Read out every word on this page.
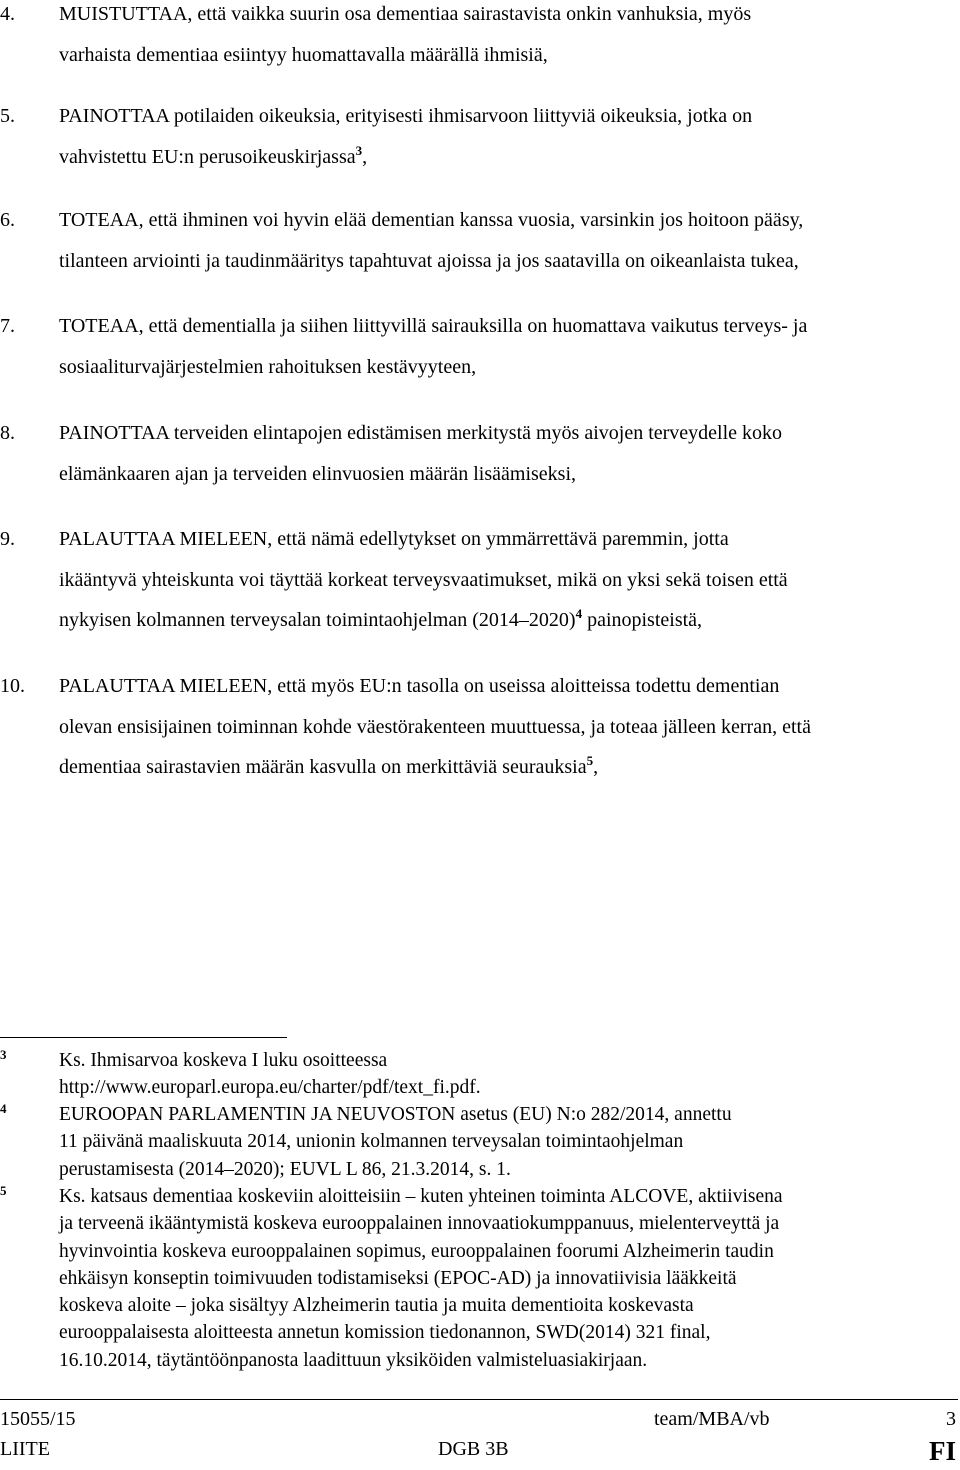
4. MUISTUTTAA, että vaikka suurin osa dementiaa sairastavista onkin vanhuksia, myös
varhaista dementiaa esiintyy huomattavalla määrällä ihmisiä,
5. PAINOTTAA potilaiden oikeuksia, erityisesti ihmisarvoon liittyviä oikeuksia, jotka on
vahvistettu EU:n perusoikeuskirjassa$^3$,
6. TOTEAA, että ihminen voi hyvin elää dementian kanssa vuosia, varsinkin jos hoitoon pääsy,
tilanteen arviointi ja taudinmääritys tapahtuvat ajoissa ja jos saatavilla on oikeanlaista tukea,
7. TOTEAA, että dementialla ja siihen liittyvillä sairauksilla on huomattava vaikutus terveys- ja
sosiaaliturvajärjestelmien rahoituksen kestävyyteen,
8. PAINOTTAA terveiden elintapojen edistämisen merkitystä myös aivojen terveydelle koko
elämänkaaren ajan ja terveiden elinvuosien määrän lisäämiseksi,
9. PALAUTTAA MIELEEN, että nämä edellytykset on ymmärrettävä paremmin, jotta
ikääntyvä yhteiskunta voi täyttää korkeat terveysvaatimukset, mikä on yksi sekä toisen että
nykyisen kolmannen terveysalan toimintaohjelman (2014–2020)$^4$ painopisteistä,
10. PALAUTTAA MIELEEN, että myös EU:n tasolla on useissa aloitteissa todettu dementian
olevan ensisijainen toiminnan kohde väestörakenteen muuttuessa, ja toteaa jälleen kerran, että
dementiaa sairastavien määrän kasvulla on merkittäviä seurauksia$^5$,
3	Ks. Ihmisarvoa koskeva I luku osoitteessa
http://www.europarl.europa.eu/charter/pdf/text_fi.pdf.
4	EUROOPAN PARLAMENTIN JA NEUVOSTON asetus (EU) N:o 282/2014, annettu
11 päivänä maaliskuuta 2014, unionin kolmannen terveysalan toimintaohjelman
perustamisesta (2014–2020); EUVL L 86, 21.3.2014, s. 1.
5	Ks. katsaus dementiaa koskeviin aloitteisiin – kuten yhteinen toiminta ALCOVE, aktiivisena
ja terveenä ikääntymistä koskeva eurooppalainen innovaatiokumppanuus, mielenterveyttä ja
hyvinvointia koskeva eurooppalainen sopimus, eurooppalainen foorumi Alzheimerin taudin
ehkäisyn konseptin toimivuuden todistamiseksi (EPOC-AD) ja innovatiivisia lääkkeitä
koskeva aloite – joka sisältyy Alzheimerin tautia ja muita dementioita koskevasta
eurooppalaisesta aloitteesta annetun komission tiedonannon, SWD(2014) 321 final,
16.10.2014, täytäntöönpanosta laadittuun yksiköiden valmisteluasiakirjaan.
15055/15	team/MBA/vb	3
LIITE	DGB 3B	FI
